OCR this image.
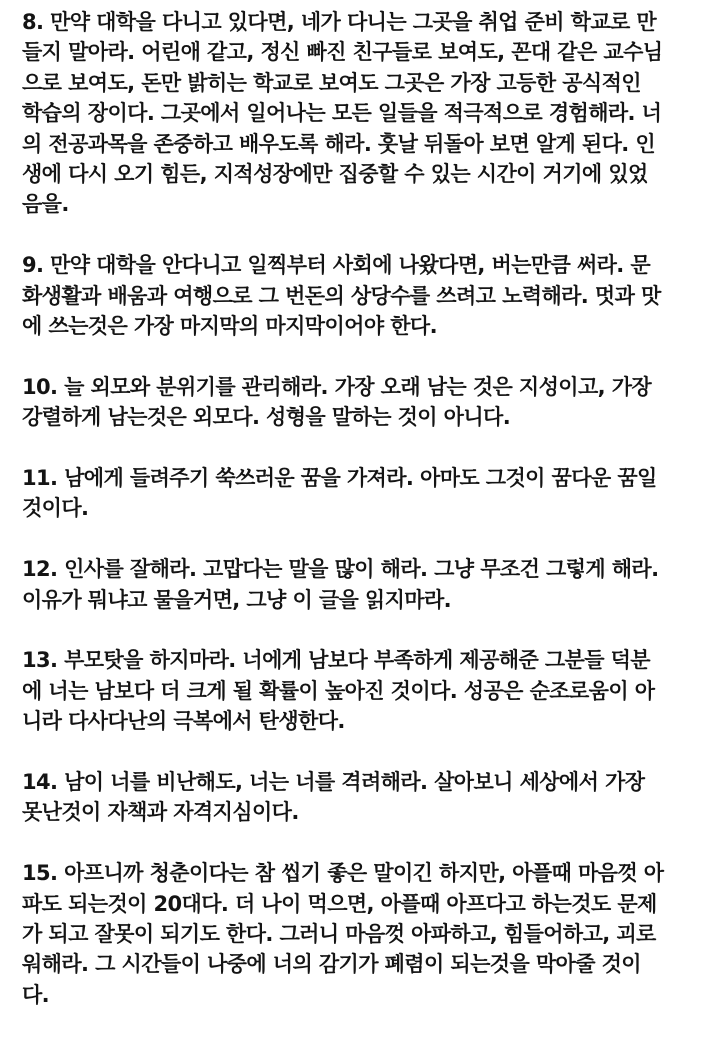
8. 만약 대학을 다니고 있다면, 네가 다니는 그곳을 취업 준비 학교로 만
들지 말아라. 어린애 같고, 정신 빠진 친구들로 보여도, 꼰대 같은 교수님
으로 보여도, 돈만 밝히는 학교로 보여도 그곳은 가장 고등한 공식적인
학습의 장이다. 그곳에서 일어나는 모든 일들을 적극적으로 경험해라. 너
의 전공과목을 존중하고 배우도록 해라. 훗날 뒤돌아 보면 알게 된다. 인
생에 다시 오기 힘든, 지적성장에만 집중할 수 있는 시간이 거기에 있었
음을.
9. 만약 대학을 안다니고 일찍부터 사회에 나왔다면, 버는만큼 써라. 문
화생활과 배움과 여행으로 그 번돈의 상당수를 쓰려고 노력해라. 멋과 맛
에 쓰는것은 가장 마지막의 마지막이어야 한다.
10. 늘 외모와 분위기를 관리해라. 가장 오래 남는 것은 지성이고, 가장
강렬하게 남는것은 외모다. 성형을 말하는 것이 아니다.
11. 남에게 들려주기 쑥쓰러운 꿈을 가져라. 아마도 그것이 꿈다운 꿈일
것이다.
12. 인사를 잘해라. 고맙다는 말을 많이 해라. 그냥 무조건 그렇게 해라.
이유가 뭐냐고 물을거면, 그냥 이 글을 읽지마라.
13. 부모탓을 하지마라. 너에게 남보다 부족하게 제공해준 그분들 덕분
에 너는 남보다 더 크게 될 확률이 높아진 것이다. 성공은 순조로움이 아
니라 다사다난의 극복에서 탄생한다.
14. 남이 너를 비난해도, 너는 너를 격려해라. 살아보니 세상에서 가장
못난것이 자책과 자격지심이다.
15. 아프니까 청춘이다는 참 씹기 좋은 말이긴 하지만, 아플때 마음껏 아
파도 되는것이 20대다. 더 나이 먹으면, 아플때 아프다고 하는것도 문제
가 되고 잘못이 되기도 한다. 그러니 마음껏 아파하고, 힘들어하고, 괴로
워해라. 그 시간들이 나중에 너의 감기가 폐렴이 되는것을 막아줄 것이
다.
